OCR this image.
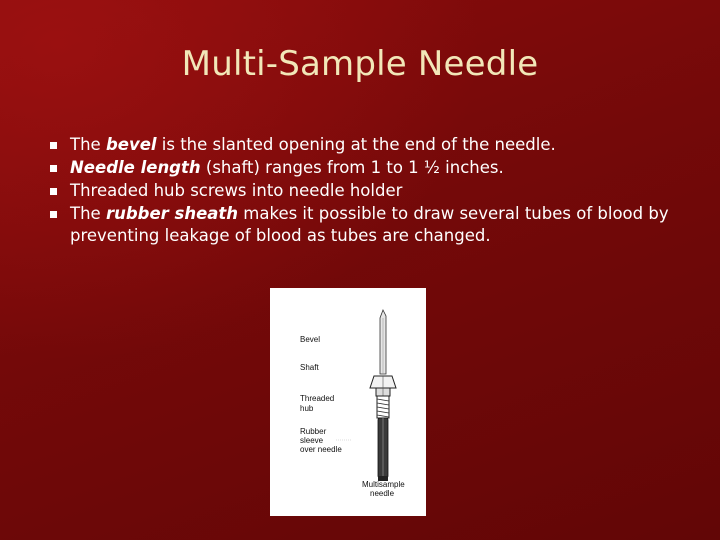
Multi-Sample Needle
The bevel is the slanted opening at the end of the needle.
Needle length (shaft) ranges from 1 to 1 ½ inches.
Threaded hub screws into needle holder
The rubber sheath makes it possible to draw several tubes of blood by preventing leakage of blood as tubes are changed.
Bevel
Shaft
Threaded
hub
Rubber
sleeve
over needle
Multisample
needle
